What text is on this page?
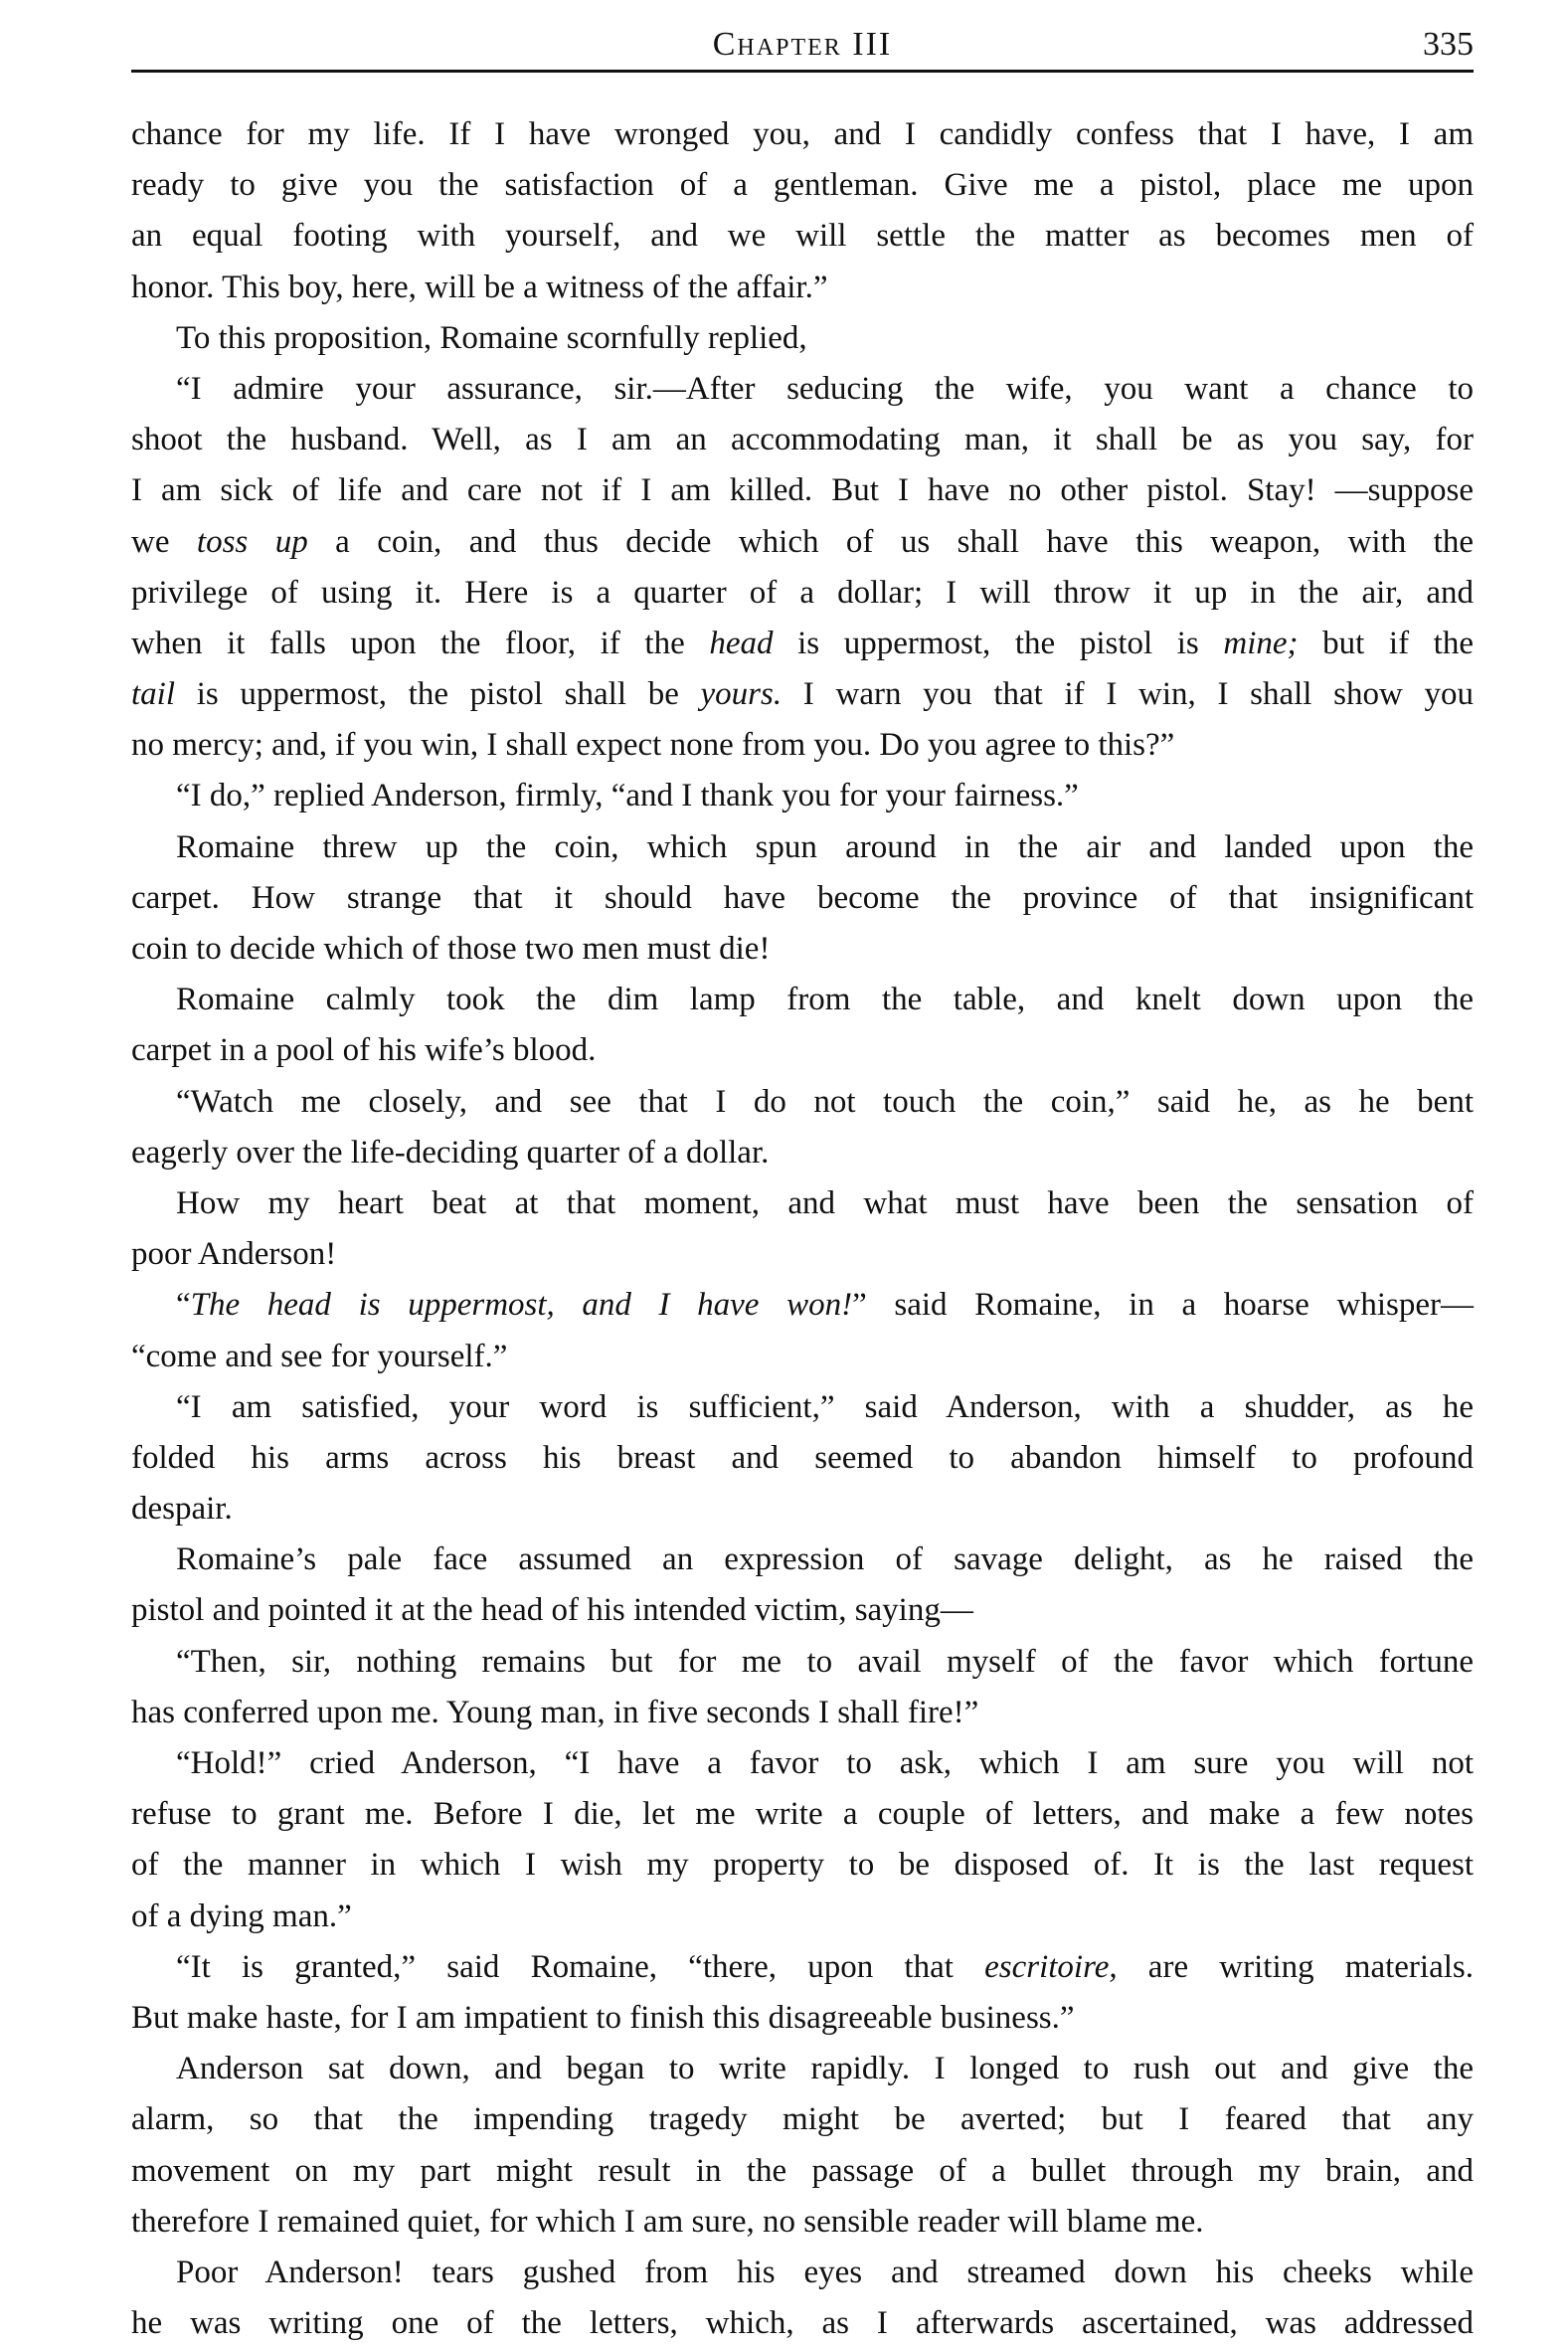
Chapter III	335
chance for my life. If I have wronged you, and I candidly confess that I have, I am
ready to give you the satisfaction of a gentleman. Give me a pistol, place me upon
an equal footing with yourself, and we will settle the matter as becomes men of
honor. This boy, here, will be a witness of the affair.”
To this proposition, Romaine scornfully replied,
“I admire your assurance, sir.—After seducing the wife, you want a chance to
shoot the husband. Well, as I am an accommodating man, it shall be as you say, for
I am sick of life and care not if I am killed. But I have no other pistol. Stay! —suppose
we toss up a coin, and thus decide which of us shall have this weapon, with the
privilege of using it. Here is a quarter of a dollar; I will throw it up in the air, and
when it falls upon the floor, if the head is uppermost, the pistol is mine; but if the
tail is uppermost, the pistol shall be yours. I warn you that if I win, I shall show you
no mercy; and, if you win, I shall expect none from you. Do you agree to this?”
“I do,” replied Anderson, firmly, “and I thank you for your fairness.”
Romaine threw up the coin, which spun around in the air and landed upon the
carpet. How strange that it should have become the province of that insignificant
coin to decide which of those two men must die!
Romaine calmly took the dim lamp from the table, and knelt down upon the
carpet in a pool of his wife’s blood.
“Watch me closely, and see that I do not touch the coin,” said he, as he bent
eagerly over the life-deciding quarter of a dollar.
How my heart beat at that moment, and what must have been the sensation of
poor Anderson!
“The head is uppermost, and I have won!” said Romaine, in a hoarse whisper—
“come and see for yourself.”
“I am satisfied, your word is sufficient,” said Anderson, with a shudder, as he
folded his arms across his breast and seemed to abandon himself to profound
despair.
Romaine’s pale face assumed an expression of savage delight, as he raised the
pistol and pointed it at the head of his intended victim, saying—
“Then, sir, nothing remains but for me to avail myself of the favor which fortune
has conferred upon me. Young man, in five seconds I shall fire!”
“Hold!” cried Anderson, “I have a favor to ask, which I am sure you will not
refuse to grant me. Before I die, let me write a couple of letters, and make a few notes
of the manner in which I wish my property to be disposed of. It is the last request
of a dying man.”
“It is granted,” said Romaine, “there, upon that escritoire, are writing materials.
But make haste, for I am impatient to finish this disagreeable business.”
Anderson sat down, and began to write rapidly. I longed to rush out and give the
alarm, so that the impending tragedy might be averted; but I feared that any
movement on my part might result in the passage of a bullet through my brain, and
therefore I remained quiet, for which I am sure, no sensible reader will blame me.
Poor Anderson! tears gushed from his eyes and streamed down his cheeks while
he was writing one of the letters, which, as I afterwards ascertained, was addressed
